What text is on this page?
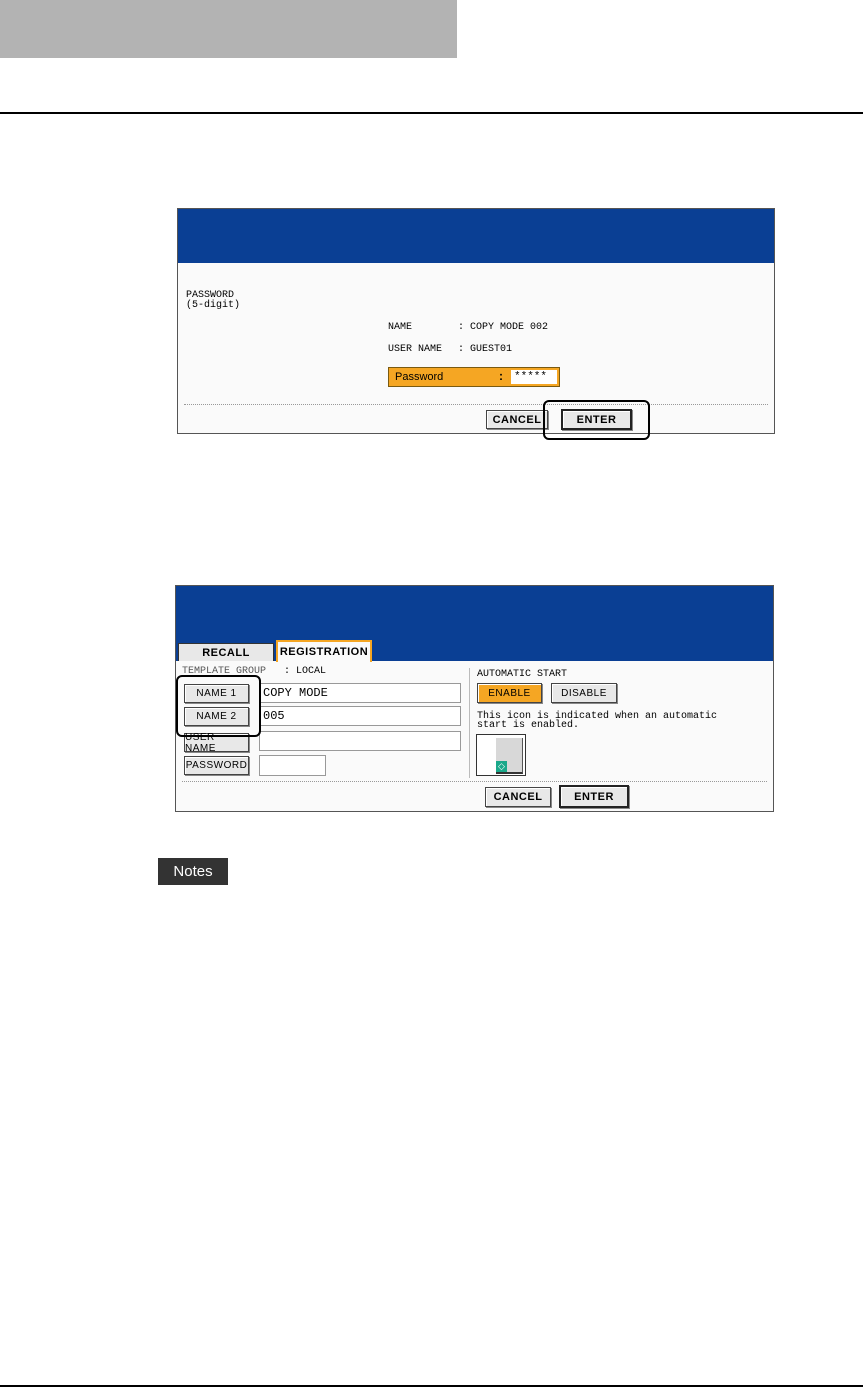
PASSWORD
(5-digit)
NAME	: COPY MODE 002
USER NAME : GUEST01
Password	: *****
CANCEL	ENTER
RECALL	REGISTRATION
TEMPLATE GROUP : LOCAL
NAME 1	COPY MODE
NAME 2	005
USER NAME
PASSWORD
AUTOMATIC START
ENABLE	DISABLE
This icon is indicated when an automatic
start is enabled.
◇
CANCEL	ENTER
Notes
